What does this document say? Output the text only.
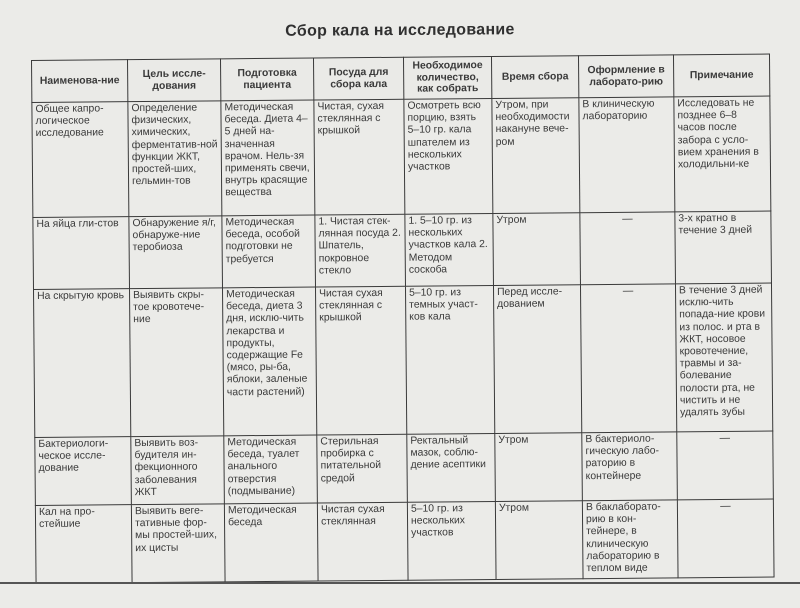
Сбор кала на исследование
Наименова-ние	Цель иссле-дования	Подготовка пациента	Посуда для сбора кала	Необходимое количество, как собрать	Время сбора	Оформление в лаборато-рию	Примечание
Общее капро-логическое исследование	Определение физических, химических, ферментатив-ной функции ЖКТ, простей-ших, гельмин-тов	Методическая беседа. Диета 4–5 дней на-значенная врачом. Нель-зя применять свечи, внутрь красящие вещества	Чистая, сухая стеклянная с крышкой	Осмотреть всю порцию, взять 5–10 гр. кала шпателем из нескольких участков	Утром, при необходимости накануне вече-ром	В клиническую лабораторию	Исследовать не позднее 6–8 часов после забора с усло-вием хранения в холодильни-ке
На яйца гли-стов	Обнаружение я/г, обнаруже-ние теробиоза	Методическая беседа, особой подготовки не требуется	1. Чистая стек-лянная посуда 2. Шпатель, покровное стекло	1. 5–10 гр. из нескольких участков кала 2. Методом соскоба	Утром	—	3-х кратно в течение 3 дней
На скрытую кровь	Выявить скры-тое кровотече-ние	Методическая беседа, диета 3 дня, исклю-чить лекарства и продукты, содержащие Fe (мясо, ры-ба, яблоки, заленые части растений)	Чистая сухая стеклянная с крышкой	5–10 гр. из темных участ-ков кала	Перед иссле-дованием	—	В течение 3 дней исклю-чить попада-ние крови из полос. и рта в ЖКТ, носовое кровотечение, травмы и за-болевание полости рта, не чистить и не удалять зубы
Бактериологи-ческое иссле-дование	Выявить воз-будителя ин-фекционного заболевания ЖКТ	Методическая беседа, туалет анального отверстия (подмывание)	Стерильная пробирка с питательной средой	Ректальный мазок, соблю-дение асептики	Утром	В бактериоло-гическую лабо-раторию в контейнере	—
Кал на про-стейшие	Выявить веге-тативные фор-мы простей-ших, их цисты	Методическая беседа	Чистая сухая стеклянная	5–10 гр. из нескольких участков	Утром	В баклаборато-рию в кон-тейнере, в клиническую лабораторию в теплом виде	—
